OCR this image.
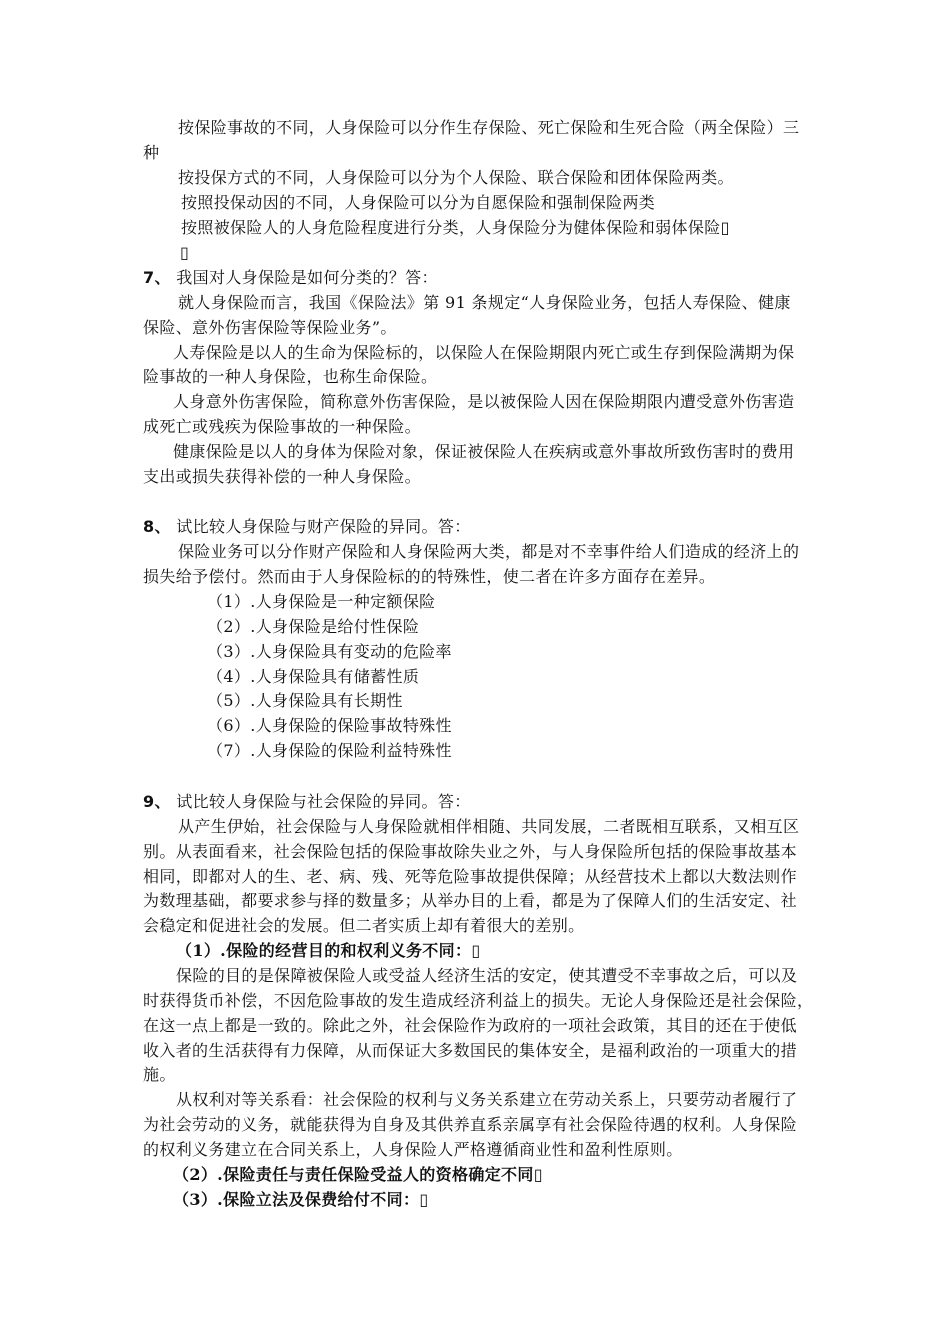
按保险事故的不同，人身保险可以分作生存保险、死亡保险和生死合险（两全保险）三
种
按投保方式的不同，人身保险可以分为个人保险、联合保险和团体保险两类。
按照投保动因的不同，人身保险可以分为自愿保险和强制保险两类
按照被保险人的人身危险程度进行分类，人身保险分为健体保险和弱体保险▯
▯
7、 我国对人身保险是如何分类的？答：
就人身保险而言，我国《保险法》第 91 条规定“人身保险业务，包括人寿保险、健康
保险、意外伤害保险等保险业务”。
人寿保险是以人的生命为保险标的，以保险人在保险期限内死亡或生存到保险满期为保
险事故的一种人身保险，也称生命保险。
人身意外伤害保险，简称意外伤害保险，是以被保险人因在保险期限内遭受意外伤害造
成死亡或残疾为保险事故的一种保险。
健康保险是以人的身体为保险对象，保证被保险人在疾病或意外事故所致伤害时的费用
支出或损失获得补偿的一种人身保险。
8、 试比较人身保险与财产保险的异同。答：
保险业务可以分作财产保险和人身保险两大类，都是对不幸事件给人们造成的经济上的
损失给予偿付。然而由于人身保险标的的特殊性，使二者在许多方面存在差异。
（1）.人身保险是一种定额保险
（2）.人身保险是给付性保险
（3）.人身保险具有变动的危险率
（4）.人身保险具有储蓄性质
（5）.人身保险具有长期性
（6）.人身保险的保险事故特殊性
（7）.人身保险的保险利益特殊性
9、 试比较人身保险与社会保险的异同。答：
从产生伊始，社会保险与人身保险就相伴相随、共同发展，二者既相互联系，又相互区
别。从表面看来，社会保险包括的保险事故除失业之外，与人身保险所包括的保险事故基本
相同，即都对人的生、老、病、残、死等危险事故提供保障；从经营技术上都以大数法则作
为数理基础，都要求参与择的数量多；从举办目的上看，都是为了保障人们的生活安定、社
会稳定和促进社会的发展。但二者实质上却有着很大的差别。
（1）.保险的经营目的和权利义务不同：▯
保险的目的是保障被保险人或受益人经济生活的安定，使其遭受不幸事故之后，可以及
时获得货币补偿，不因危险事故的发生造成经济利益上的损失。无论人身保险还是社会保险，
在这一点上都是一致的。除此之外，社会保险作为政府的一项社会政策，其目的还在于使低
收入者的生活获得有力保障，从而保证大多数国民的集体安全，是福利政治的一项重大的措
施。
从权利对等关系看：社会保险的权利与义务关系建立在劳动关系上，只要劳动者履行了
为社会劳动的义务，就能获得为自身及其供养直系亲属享有社会保险待遇的权利。人身保险
的权利义务建立在合同关系上，人身保险人严格遵循商业性和盈利性原则。
（2）.保险责任与责任保险受益人的资格确定不同▯
（3）.保险立法及保费给付不同：▯
